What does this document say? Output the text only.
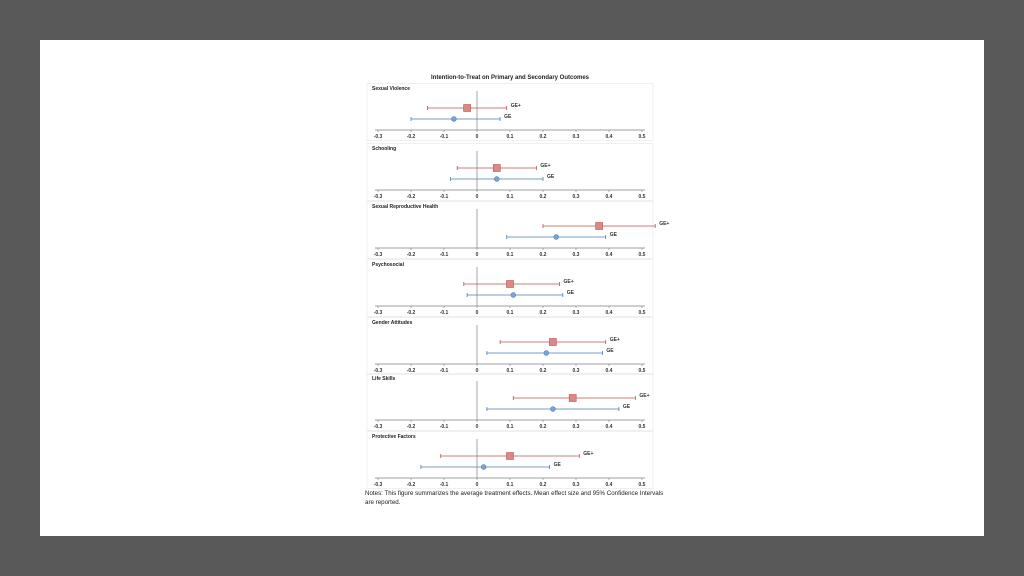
Intention-to-Treat on Primary and Secondary Outcomes
-0.3	-0.2	-0.1	0	0.1	0.2	0.3	0.4	0.5
GE+
GE
Sexual Violence
-0.3	-0.2	-0.1	0	0.1	0.2	0.3	0.4	0.5
GE+
GE
Schooling
-0.3	-0.2	-0.1	0	0.1	0.2	0.3	0.4	0.5
GE+
GE
Sexual Reproductive Health
-0.3	-0.2	-0.1	0	0.1	0.2	0.3	0.4	0.5
GE+
GE
Psychosocial
-0.3	-0.2	-0.1	0	0.1	0.2	0.3	0.4	0.5
GE+
GE
Gender Attitudes
-0.3	-0.2	-0.1	0	0.1	0.2	0.3	0.4	0.5
GE+
GE
Life Skills
-0.3	-0.2	-0.1	0	0.1	0.2	0.3	0.4	0.5
GE+
GE
Protective Factors
Notes: This figure summarizes the average treatment effects. Mean effect size and 95% Confidence Intervals are reported.
